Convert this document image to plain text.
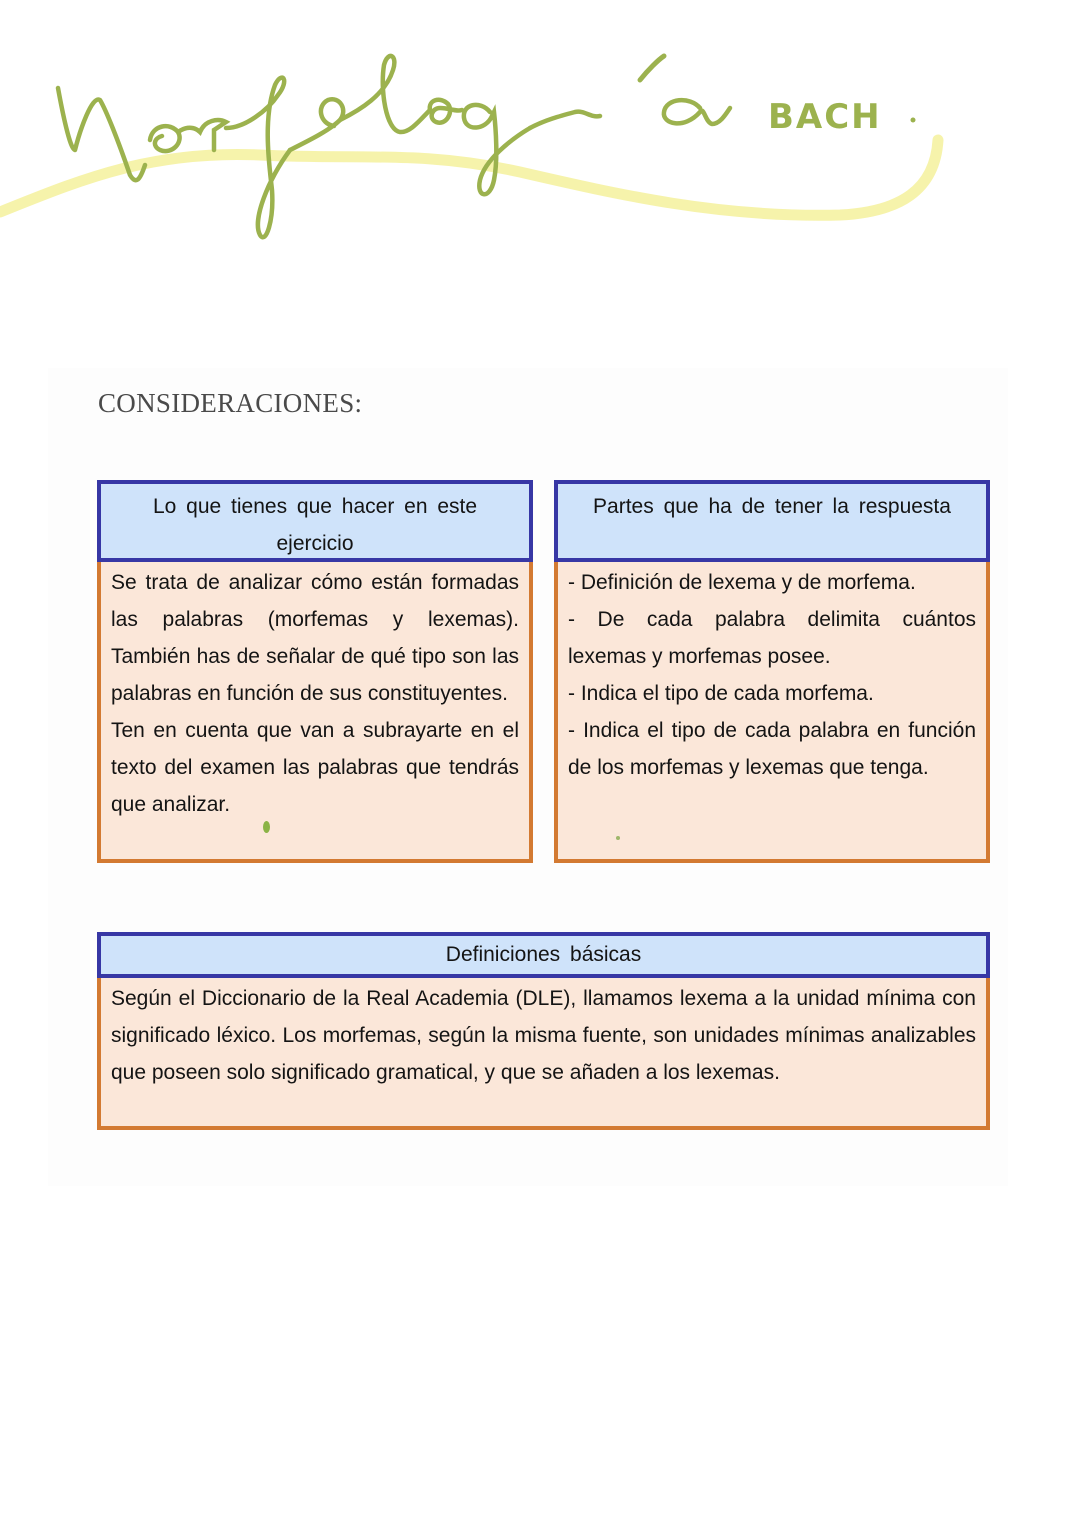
BACH
CONSIDERACIONES:
Lo que tienes que hacer en este ejercicio

Se trata de analizar cómo están formadas las palabras (morfemas y lexemas). También has de señalar de qué tipo son las palabras en función de sus constituyentes.

Ten en cuenta que van a subrayarte en el texto del examen las palabras que tendrás que analizar.

Partes que ha de tener la respuesta

- Definición de lexema y de morfema.

- De cada palabra delimita cuántos lexemas y morfemas posee.

- Indica el tipo de cada morfema.

- Indica el tipo de cada palabra en función de los morfemas y lexemas que tenga.

Definiciones básicas

Según el Diccionario de la Real Academia (DLE), llamamos lexema a la unidad mínima con significado léxico. Los morfemas, según la misma fuente, son unidades mínimas analizables que poseen solo significado gramatical, y que se añaden a los lexemas.
